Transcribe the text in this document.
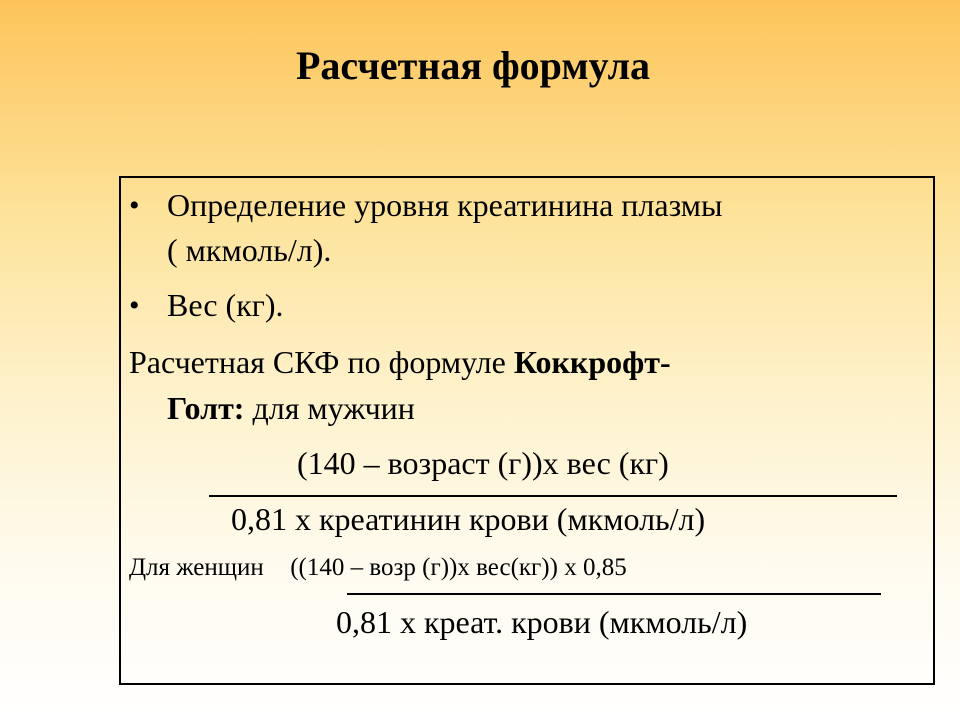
Расчетная формула
• Определение уровня креатинина плазмы
( мкмоль/л).
• Вес (кг).
Расчетная СКФ по формуле Коккрофт-
Голт: для мужчин
(140 – возраст (г))х вес (кг)
0,81 х креатинин крови (мкмоль/л)
Для женщин ((140 – возр (г))х вес(кг)) х 0,85
0,81 х креат. крови (мкмоль/л)
